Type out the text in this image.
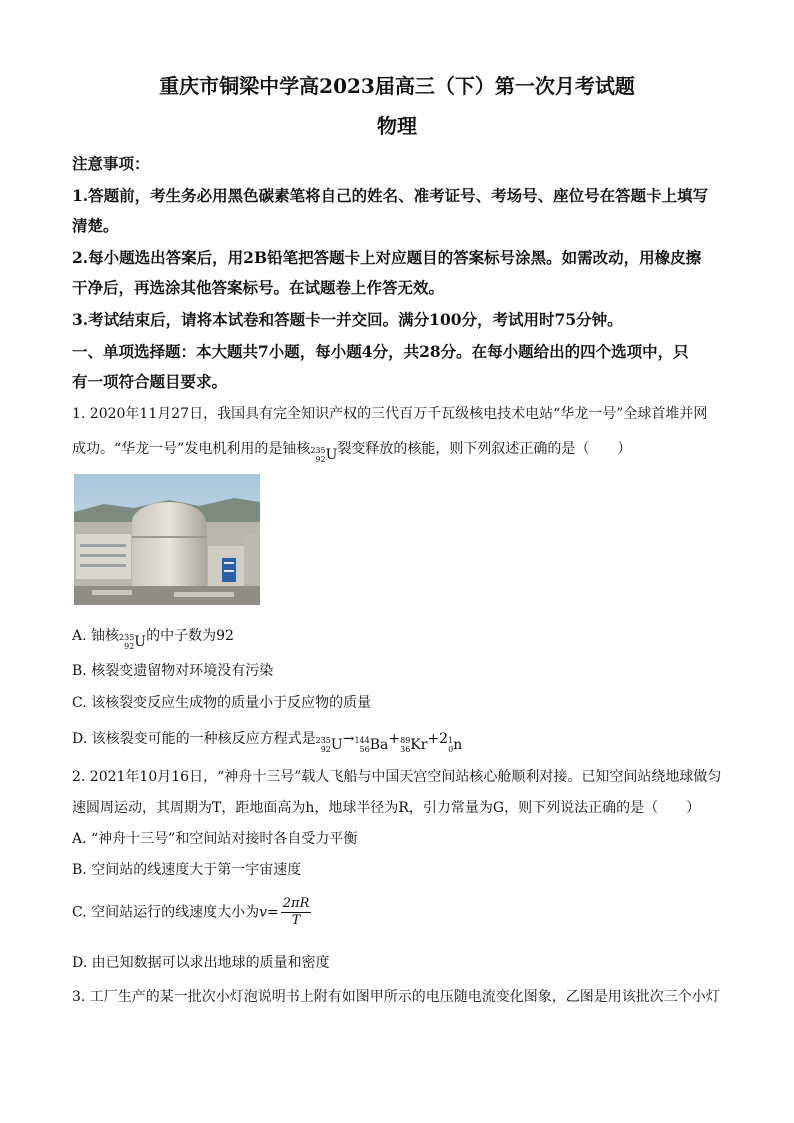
重庆市铜梁中学高2023届高三（下）第一次月考试题
物理
注意事项：
1.答题前，考生务必用黑色碳素笔将自己的姓名、准考证号、考场号、座位号在答题卡上填写
清楚。
2.每小题选出答案后，用2B铅笔把答题卡上对应题目的答案标号涂黑。如需改动，用橡皮擦
干净后，再选涂其他答案标号。在试题卷上作答无效。
3.考试结束后，请将本试卷和答题卡一并交回。满分100分，考试用时75分钟。
一、单项选择题：本大题共7小题，每小题4分，共28分。在每小题给出的四个选项中，只
有一项符合题目要求。
1. 2020年11月27日，我国具有完全知识产权的三代百万千瓦级核电技术电站“华龙一号”全球首堆并网
成功。“华龙一号”发电机利用的是铀核 235
92 U 裂变释放的核能，则下列叙述正确的是（　　）
A. 铀核 235
92 U 的中子数为92
B. 核裂变遗留物对环境没有污染
C. 该核裂变反应生成物的质量小于反应物的质量
D. 该核裂变可能的一种核反应方程式是 235
92 U → 144
56 Ba + 89
36 Kr +2 1
0 n
2. 2021年10月16日，“神舟十三号”载人飞船与中国天宫空间站核心舱顺利对接。已知空间站绕地球做匀
速圆周运动，其周期为T，距地面高为h，地球半径为R，引力常量为G，则下列说法正确的是（　　）
A. “神舟十三号”和空间站对接时各自受力平衡
B. 空间站的线速度大于第一宇宙速度
C. 空间站运行的线速度大小为$v= \frac{2\pi R}{T}$
D. 由已知数据可以求出地球的质量和密度
3. 工厂生产的某一批次小灯泡说明书上附有如图甲所示的电压随电流变化图象，乙图是用该批次三个小灯
